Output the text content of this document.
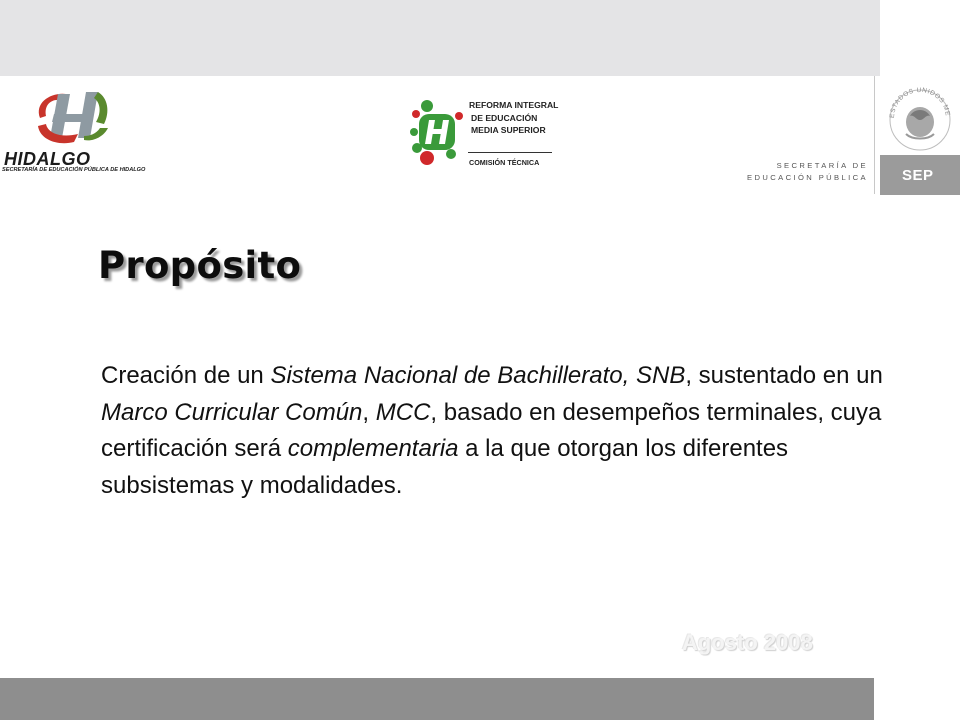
HIDALGO
SECRETARÍA DE EDUCACIÓN PÚBLICA DE HIDALGO
REFORMA INTEGRAL
DE EDUCACIÓN
MEDIA SUPERIOR
COMISIÓN TÉCNICA
ESTADOS UNIDOS ME
SEP
SECRETARÍA DE
EDUCACIÓN PÚBLICA
Propósito

Creación de un Sistema Nacional de Bachillerato, SNB, sustentado en un Marco Curricular Común, MCC, basado en desempeños terminales, cuya certificación será complementaria a la que otorgan los diferentes subsistemas y modalidades.

Agosto 2008
